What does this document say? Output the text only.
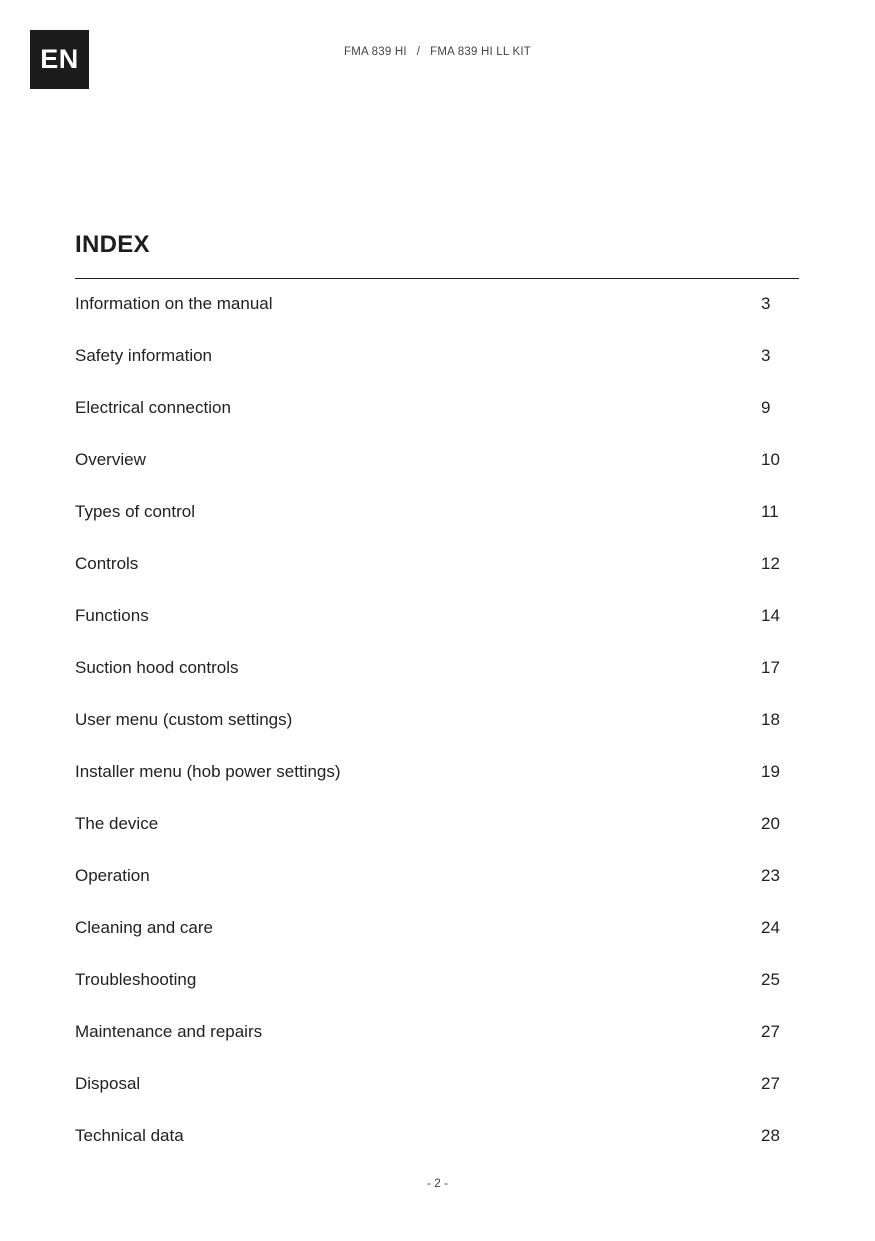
EN	FMA 839 HI / FMA 839 HI LL KIT
INDEX
Information on the manual	3
Safety information	3
Electrical connection	9
Overview	10
Types of control	11
Controls	12
Functions	14
Suction hood controls	17
User menu (custom settings)	18
Installer menu (hob power settings)	19
The device	20
Operation	23
Cleaning and care	24
Troubleshooting	25
Maintenance and repairs	27
Disposal	27
Technical data	28
- 2 -
